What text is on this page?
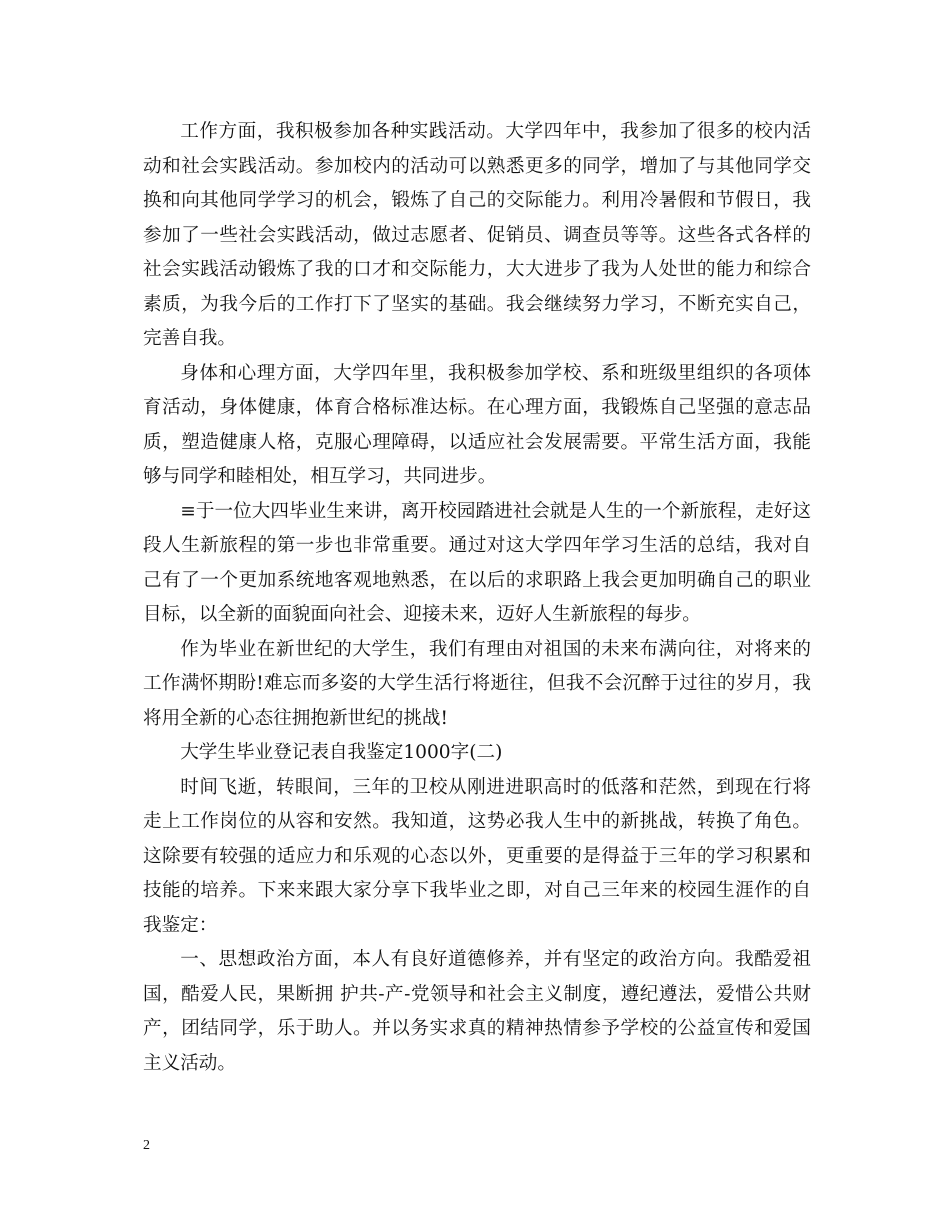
工作方面，我积极参加各种实践活动。大学四年中，我参加了很多的校内活动和社会实践活动。参加校内的活动可以熟悉更多的同学，增加了与其他同学交换和向其他同学学习的机会，锻炼了自己的交际能力。利用冷暑假和节假日，我参加了一些社会实践活动，做过志愿者、促销员、调查员等等。这些各式各样的社会实践活动锻炼了我的口才和交际能力，大大进步了我为人处世的能力和综合素质，为我今后的工作打下了坚实的基础。我会继续努力学习，不断充实自己，完善自我。

身体和心理方面，大学四年里，我积极参加学校、系和班级里组织的各项体育活动，身体健康，体育合格标准达标。在心理方面，我锻炼自己坚强的意志品质，塑造健康人格，克服心理障碍，以适应社会发展需要。平常生活方面，我能够与同学和睦相处，相互学习，共同进步。

≡于一位大四毕业生来讲，离开校园踏进社会就是人生的一个新旅程，走好这段人生新旅程的第一步也非常重要。通过对这大学四年学习生活的总结，我对自己有了一个更加系统地客观地熟悉，在以后的求职路上我会更加明确自己的职业目标，以全新的面貌面向社会、迎接未来，迈好人生新旅程的每步。

作为毕业在新世纪的大学生，我们有理由对祖国的未来布满向往，对将来的工作满怀期盼!难忘而多姿的大学生活行将逝往，但我不会沉醉于过往的岁月，我将用全新的心态往拥抱新世纪的挑战!

大学生毕业登记表自我鉴定1000字(二)

时间飞逝，转眼间，三年的卫校从刚进进职高时的低落和茫然，到现在行将走上工作岗位的从容和安然。我知道，这势必我人生中的新挑战，转换了角色。这除要有较强的适应力和乐观的心态以外，更重要的是得益于三年的学习积累和技能的培养。下来来跟大家分享下我毕业之即，对自己三年来的校园生涯作的自我鉴定：

一、思想政治方面，本人有良好道德修养，并有坚定的政治方向。我酷爱祖国，酷爱人民，果断拥 护共-产-党领导和社会主义制度，遵纪遵法，爱惜公共财产，团结同学，乐于助人。并以务实求真的精神热情参予学校的公益宣传和爱国主义活动。

2
